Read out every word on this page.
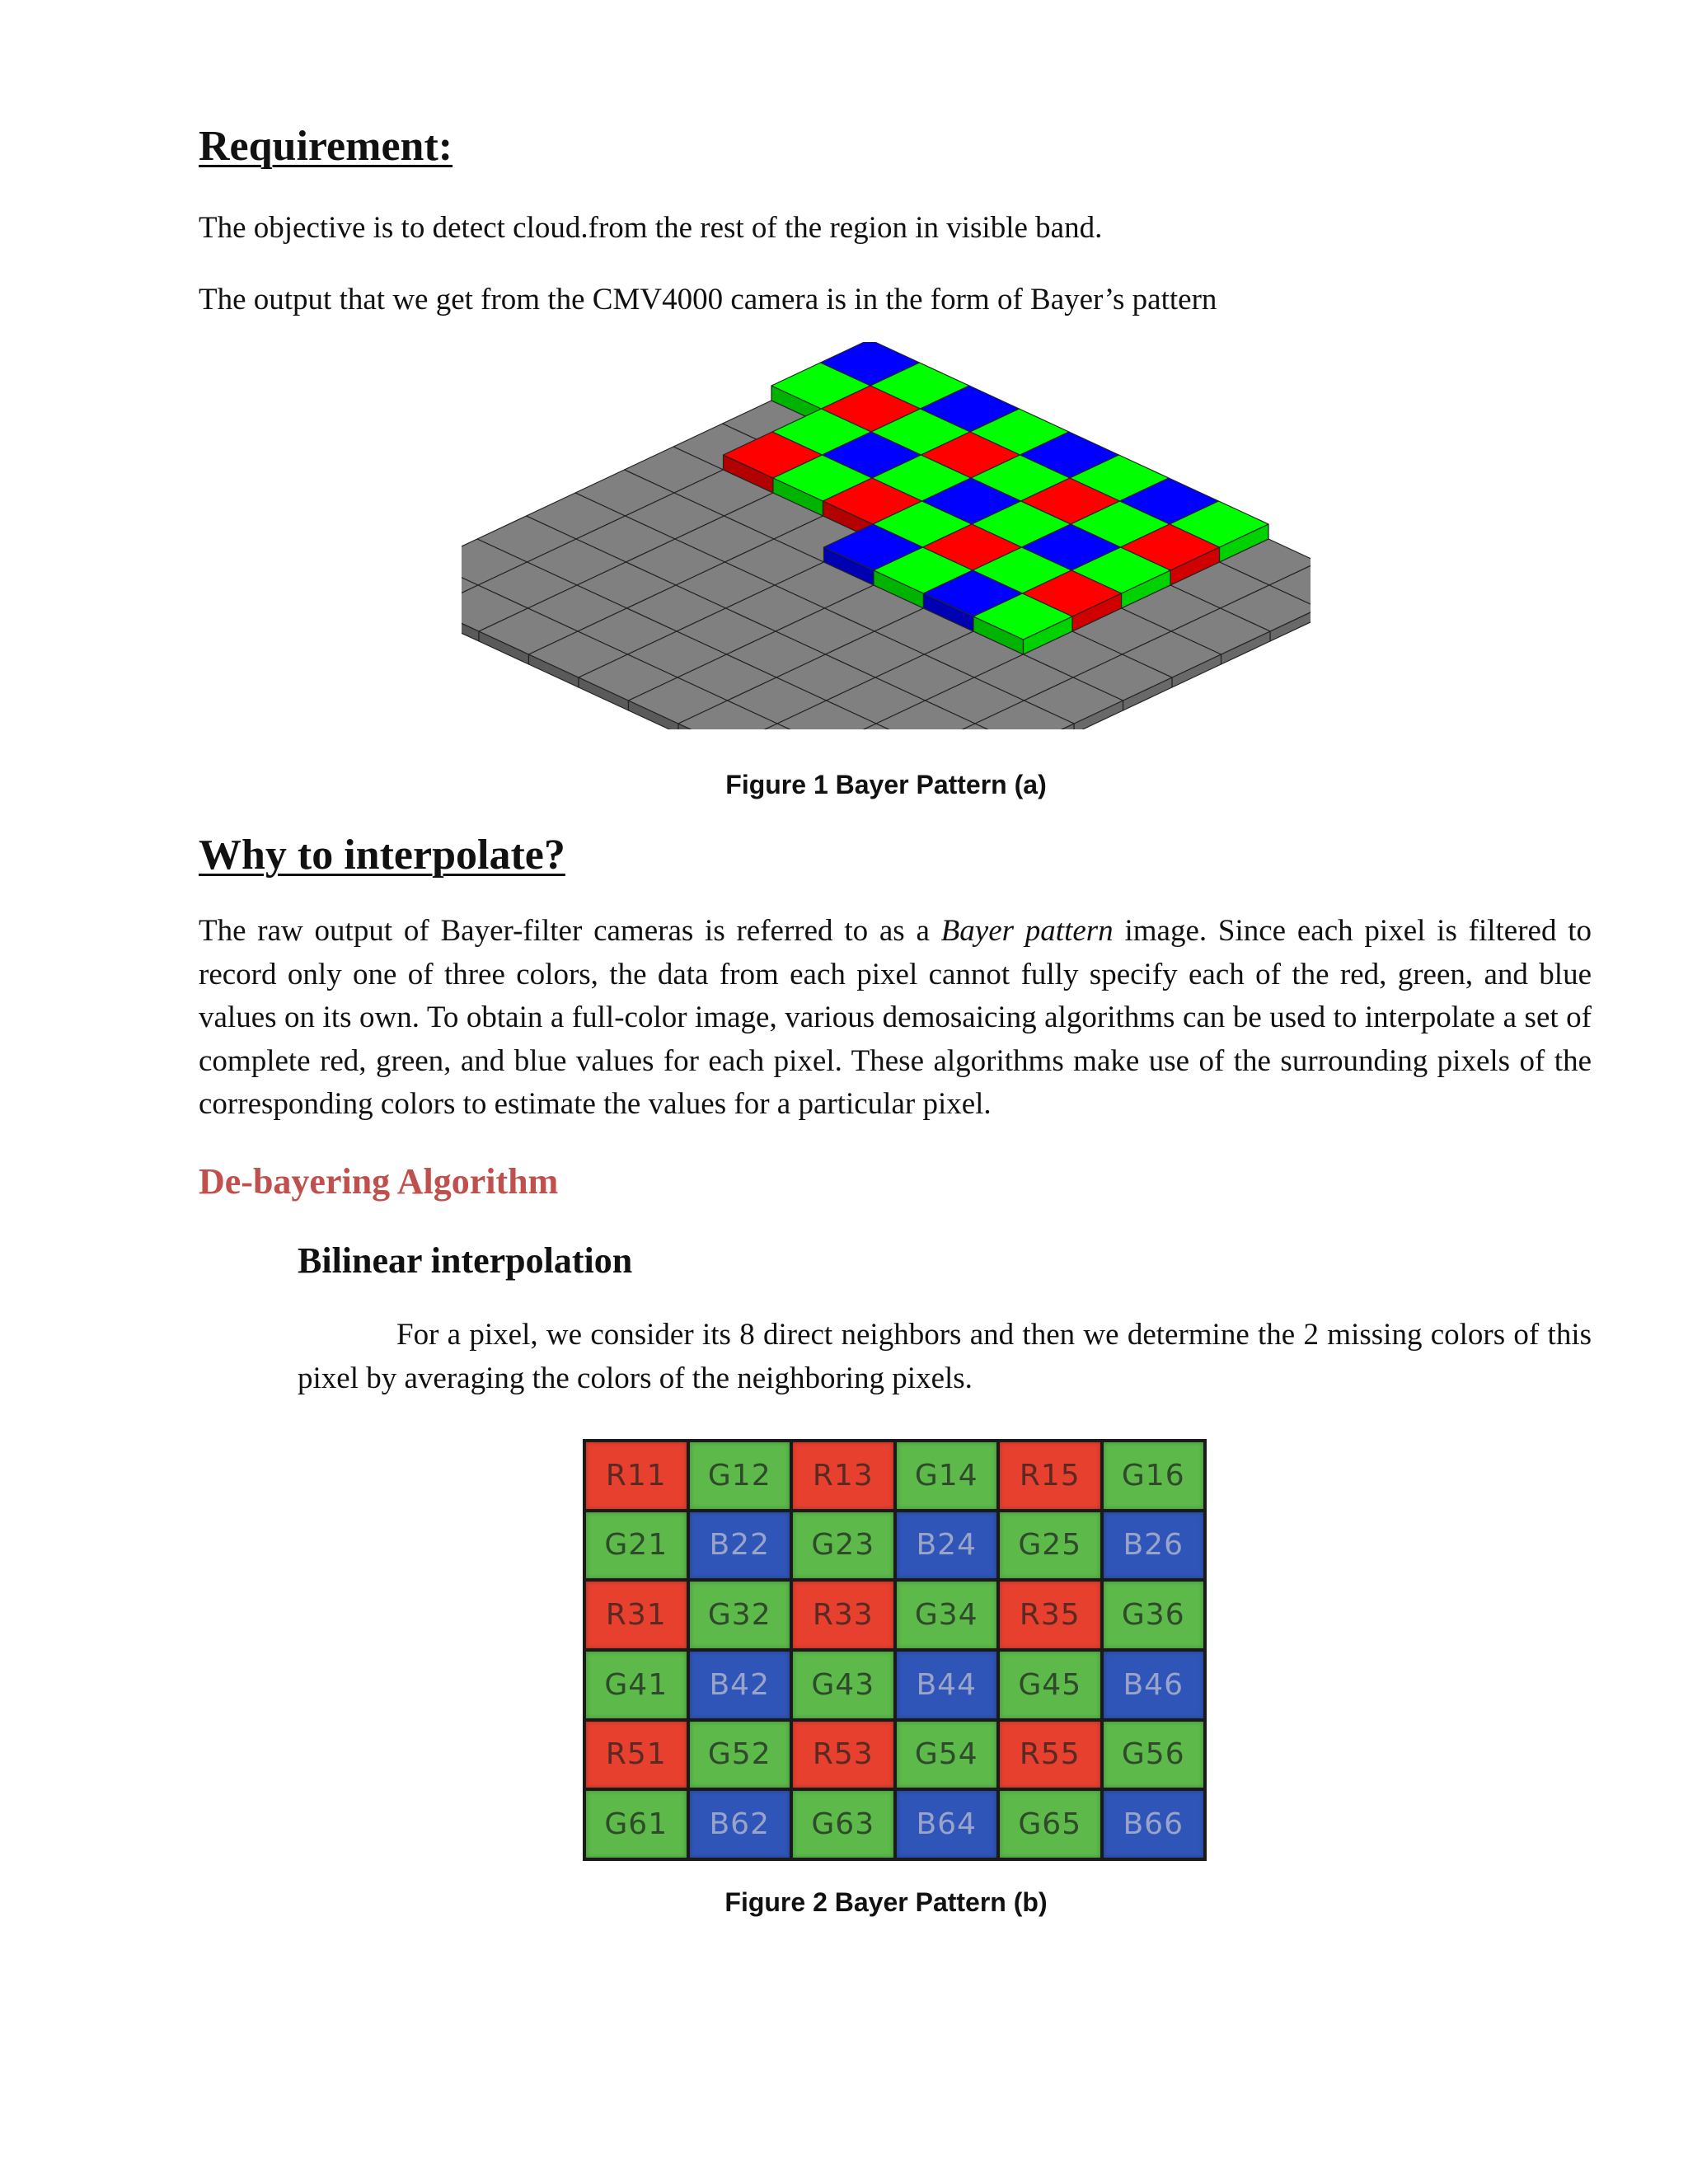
Requirement:
The objective is to detect cloud.from the rest of the region in visible band.
The output that we get from the CMV4000 camera is in the form of Bayer’s pattern
Figure 1 Bayer Pattern (a)
Why to interpolate?
The raw output of Bayer-filter cameras is referred to as a Bayer pattern image. Since each pixel is filtered to record only one of three colors, the data from each pixel cannot fully specify each of the red, green, and blue values on its own. To obtain a full-color image, various demosaicing algorithms can be used to interpolate a set of complete red, green, and blue values for each pixel. These algorithms make use of the surrounding pixels of the corresponding colors to estimate the values for a particular pixel.
De-bayering Algorithm
Bilinear interpolation
For a pixel, we consider its 8 direct neighbors and then we determine the 2 missing colors of this pixel by averaging the colors of the neighboring pixels.
R11	G12	R13	G14	R15	G16
G21	B22	G23	B24	G25	B26
R31	G32	R33	G34	R35	G36
G41	B42	G43	B44	G45	B46
R51	G52	R53	G54	R55	G56
G61	B62	G63	B64	G65	B66
Figure 2 Bayer Pattern (b)
